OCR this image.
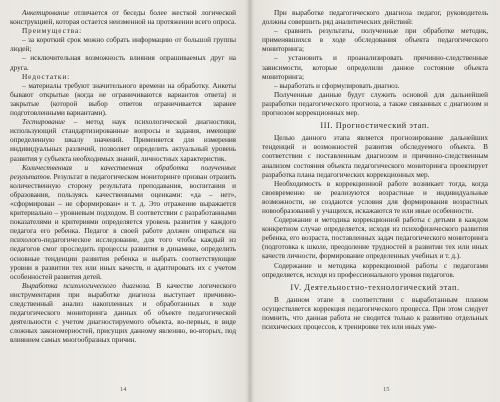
Анкетирование отличается от беседы более жесткой логической конструкцией, которая остается неизменной на протяжении всего опроса.

Преимущества:

– за короткий срок можно собрать информацию от большой группы людей;

– исключительная возможность влияния опрашиваемых друг на друга.

Недостатки:

– материалы требуют значительного времени на обработку. Анкеты бывают открытые (когда не ограничиваются вариантов ответа) и закрытые (которой выбор ответов ограничивается заранее подготовленными вариантами).

Тестирование – метод наук психологической диагностики, использующий стандартизированные вопросы и задания, имеющие определенную шкалу значений. Применяется для измерения индивидуальных различий, позволяет определить актуальный уровень развития у субъекта необходимых знаний, личностных характеристик.

Количественная и качественная обработка полученных результатов. Результат в педагогическом мониторинге призван отразить количественную сторону результата преподавания, воспитания и образования, пользуясь качественными оценками: «да – нет», «сформирован – не сформирован» и т. д. Это отражение выражается критериально – уровневым подходом. В соответствии с разработанными показателями и критериями определяется уровень развития у каждого педагога его ребенка. Педагог в своей работе должен опираться на психолого-педагогическое исследование, для того чтобы каждый из педагогов смог проследить процессы развития в динамике, определить основные тенденции развития ребенка и выбрать соответствующие уровни в развитии тех или иных качеств, и адаптировать их с учетом особенностей развития детей.

Выработка психологического диагноза. В качестве логического инструментария при выработке диагноза выступает причинно-следственный анализ накопленных и обработанных в ходе педагогического мониторинга данных об объекте педагогической деятельности с учетом диагностируемого объекта, во-первых, в виде сложных закономерностей, присущих данному явлению, во-вторых, под влиянием самых многообразных причин.

14

При выработке педагогического диагноза педагог, руководитель должны совершить ряд аналитических действий:

– сравнить результаты, полученные при обработке методик, применявшихся в ходе обследования объекта педагогического мониторинга;

– установить и проанализировать причинно-следственные зависимости, которые определили данное состояние объекта мониторинга;

– выработать и сформулировать диагноз.

Полученные данные будут служить основой для дальнейшей разработки педагогического прогноза, а также связанных с диагнозом и прогнозом коррекционных мер.

III. Прогностический этап.

Целью данного этапа является прогнозирование дальнейших тенденций и возможностей развития обследуемого объекта. В соответствии с поставленным диагнозом и причинно-следственным анализом состояния объекта педагогического мониторинга проектирует разработка плана педагогических коррекционных мер.

Необходимость в коррекционной работе возникает тогда, когда своевременно не реализуются возрастные и индивидуальные возможности, не создаются условия для формирования возрастных новообразований у учащихся, искажаются те или иные особенности.

Содержание и методика коррекционной работы с детьми в каждом конкретном случае определяется, исходя из психофизического развития ребенка, его возраста, поставленных задач педагогического мониторинга (подготовка к школе, преодоление трудностей в развитии тех или иных качеств личности, формирование определенных учебных и т. д.).

Содержание и методика коррекционной работы с педагогами определяется, исходя из профессионального уровня педагогов.

IV. Деятельностно-технологический этап.

В данном этапе в соответствии с выработанным планом осуществляется коррекция педагогического процесса. При этом следует помнить, что данная работа не сводится только к развитию отдельных психических процессов, к тренировке тех или иных уме-

15
